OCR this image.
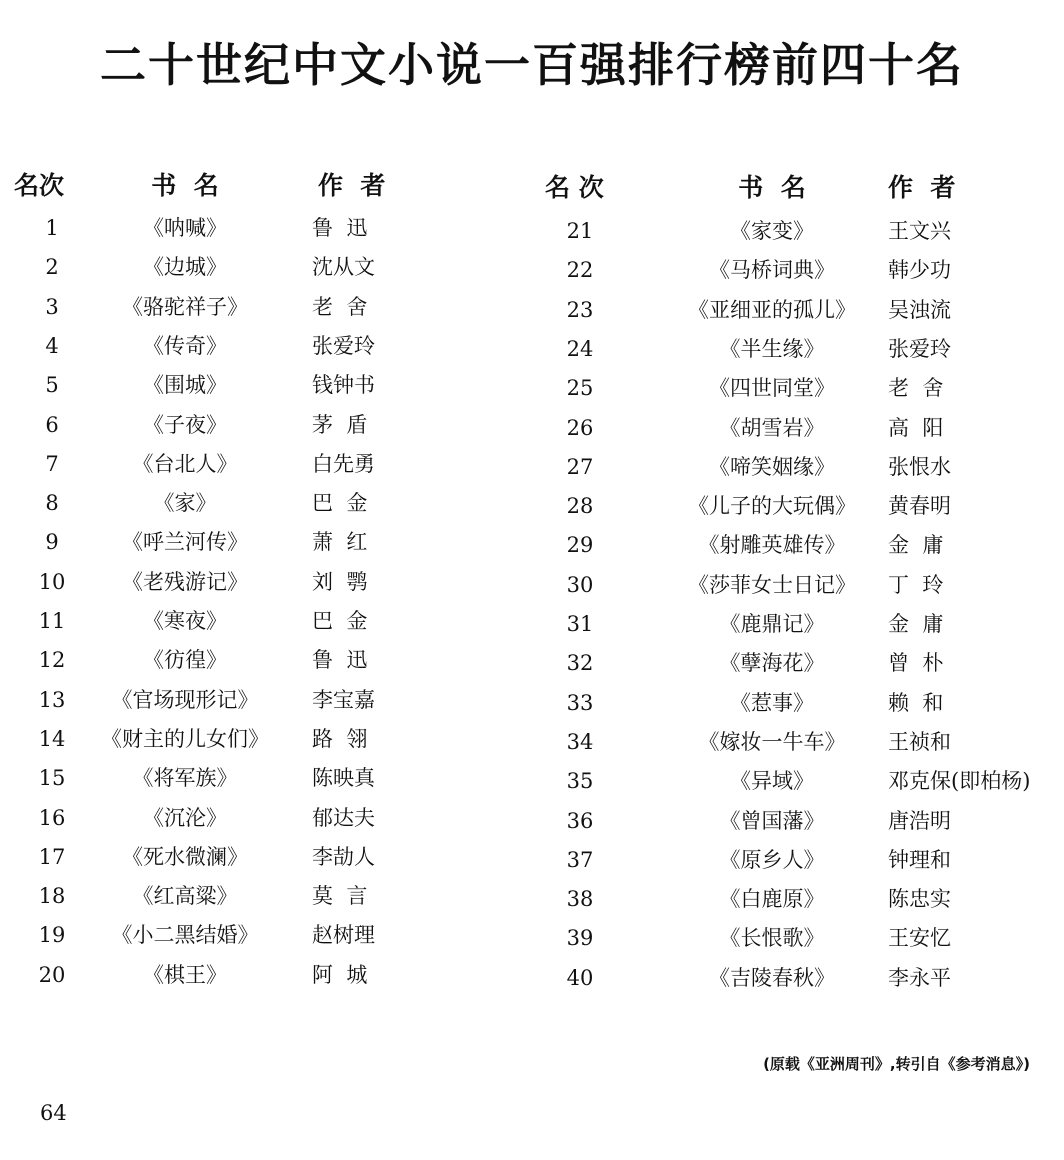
二十世纪中文小说一百强排行榜前四十名
名次	书  名	作  者
1	《呐喊》	鲁  迅
2	《边城》	沈从文
3	《骆驼祥子》	老  舍
4	《传奇》	张爱玲
5	《围城》	钱钟书
6	《子夜》	茅  盾
7	《台北人》	白先勇
8	《家》	巴  金
9	《呼兰河传》	萧  红
10	《老残游记》	刘  鹗
11	《寒夜》	巴  金
12	《彷徨》	鲁  迅
13	《官场现形记》	李宝嘉
14	《财主的儿女们》	路  翎
15	《将军族》	陈映真
16	《沉沦》	郁达夫
17	《死水微澜》	李劼人
18	《红高粱》	莫  言
19	《小二黑结婚》	赵树理
20	《棋王》	阿  城
名 次	书  名	作  者
21	《家变》	王文兴
22	《马桥词典》	韩少功
23	《亚细亚的孤儿》	吴浊流
24	《半生缘》	张爱玲
25	《四世同堂》	老  舍
26	《胡雪岩》	高  阳
27	《啼笑姻缘》	张恨水
28	《儿子的大玩偶》	黄春明
29	《射雕英雄传》	金  庸
30	《莎菲女士日记》	丁  玲
31	《鹿鼎记》	金  庸
32	《孽海花》	曾  朴
33	《惹事》	赖  和
34	《嫁妆一牛车》	王祯和
35	《异域》	邓克保(即柏杨)
36	《曾国藩》	唐浩明
37	《原乡人》	钟理和
38	《白鹿原》	陈忠实
39	《长恨歌》	王安忆
40	《吉陵春秋》	李永平
(原载《亚洲周刊》,转引自《参考消息》)
64
